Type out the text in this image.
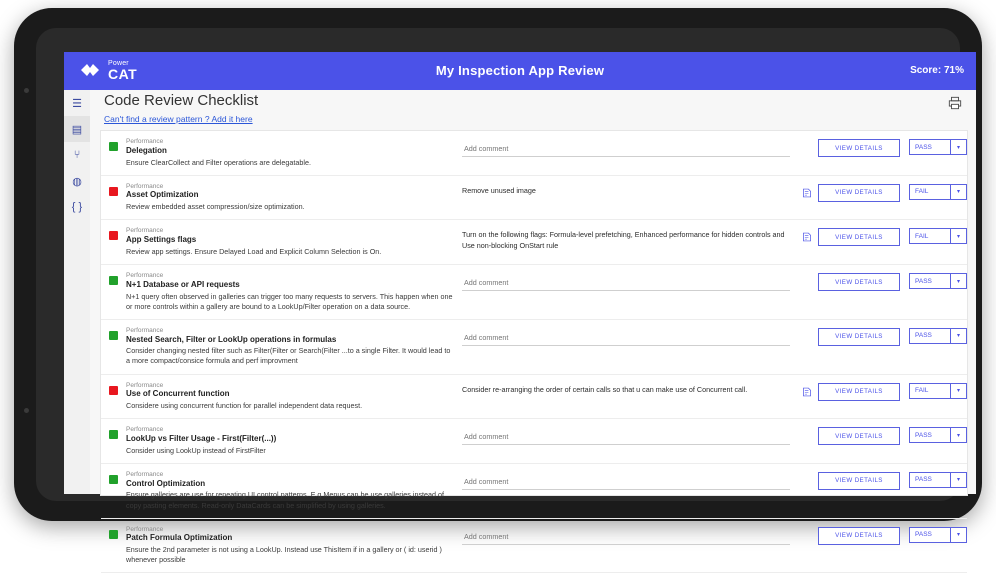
Power
CAT	My Inspection App Review	Score: 71%
☰
▤
⑂
◍
{ }
Code Review Checklist
Can't find a review pattern ? Add it here
Performance
Delegation
Ensure ClearCollect and Filter operations are delegatable.
Add comment
VIEW DETAILS	PASS	▾
Performance
Asset Optimization
Review embedded asset compression/size optimization.
Remove unused image	VIEW DETAILS	FAIL	▾
Performance
App Settings flags
Review app settings. Ensure Delayed Load and Explicit Column Selection is On.
Turn on the following flags: Formula-level prefetching, Enhanced performance for hidden controls and Use non-blocking OnStart rule
VIEW DETAILS	FAIL	▾
Performance
N+1 Database or API requests
N+1 query often observed in galleries can trigger too many requests to servers. This happen when one or more controls within a gallery are bound to a LookUp/Filter operation on a data source.
Add comment
VIEW DETAILS	PASS	▾
Performance
Nested Search, Filter or LookUp operations in formulas
Consider changing nested filter such as Filter(Filter or Search(Filter ...to a single Filter. It would lead to a more compact/consice formula and perf improvment
Add comment
VIEW DETAILS	PASS	▾
Performance
Use of Concurrent function
Considere using concurrent function for parallel independent data request.
Consider re-arranging the order of certain calls so that u can make use of Concurrent call.	VIEW DETAILS	FAIL	▾
Performance
LookUp vs Filter Usage - First(Filter(...))
Consider using LookUp instead of FirstFilter
Add comment
VIEW DETAILS	PASS	▾
Performance
Control Optimization
Ensure galleries are use for repeating UI control patterns. E.g Menus can be use galleries instead of copy pasting elements. Read-only DataCards can be simplified by using galleries.
Add comment
VIEW DETAILS	PASS	▾
Performance
Patch Formula Optimization
Ensure the 2nd parameter is not using a LookUp. Instead use ThisItem if in a gallery or ( id: userid ) whenever possible
Add comment
VIEW DETAILS	PASS	▾
